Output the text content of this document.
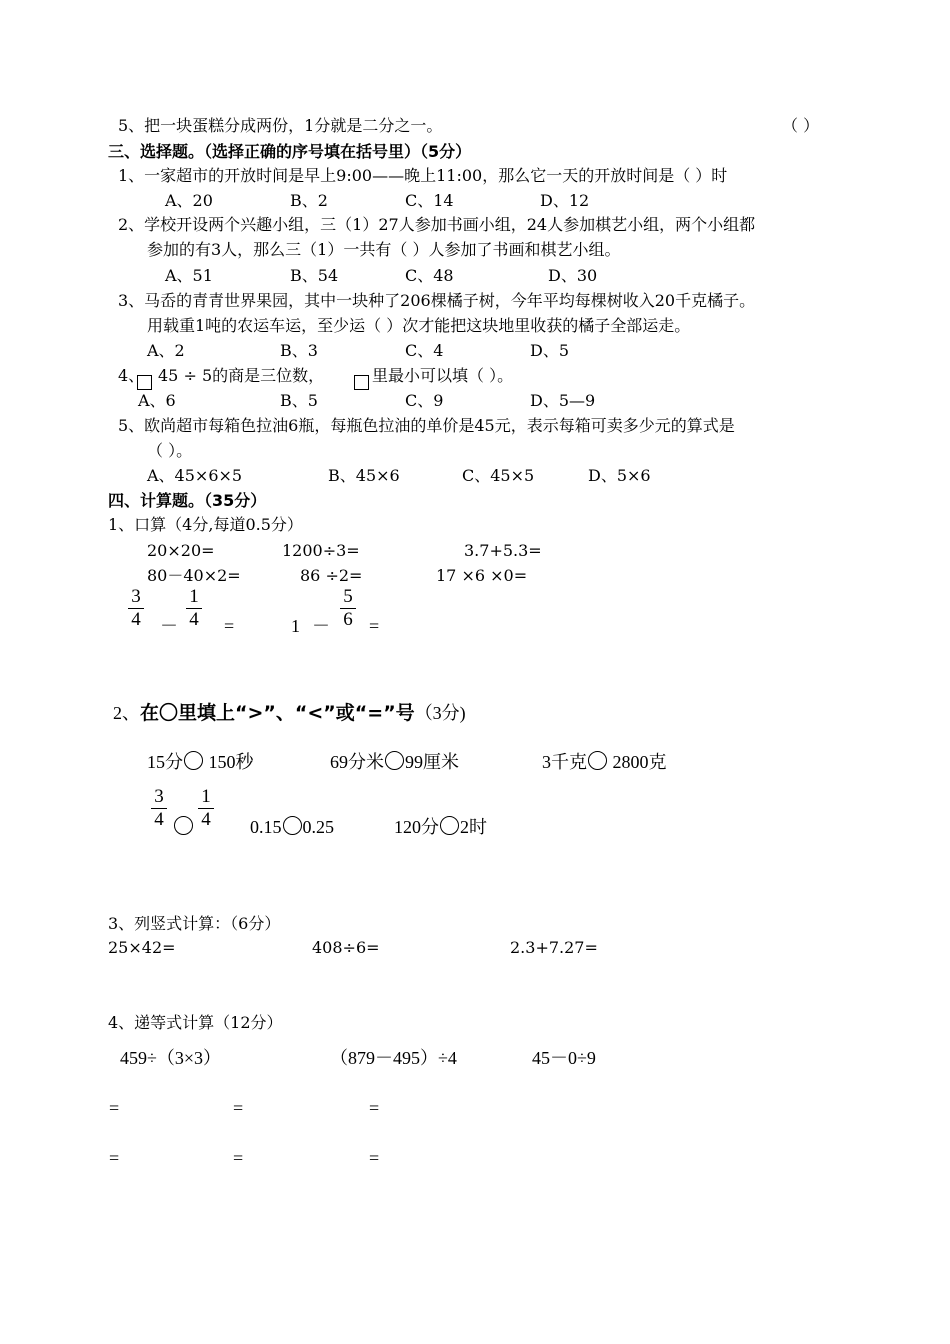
5、把一块蛋糕分成两份，1分就是二分之一。	（ ）
三、选择题。（选择正确的序号填在括号里）（5分）
1、一家超市的开放时间是早上9:00——晚上11:00，那么它一天的开放时间是（ ）时
A、20	B、2	C、14	D、12
2、学校开设两个兴趣小组，三（1）27人参加书画小组，24人参加棋艺小组，两个小组都
参加的有3人，那么三（1）一共有（ ）人参加了书画和棋艺小组。
A、51	B、54	C、48	D、30
3、马岙的青青世界果园，其中一块种了206棵橘子树，今年平均每棵树收入20千克橘子。
用载重1吨的农运车运，至少运（ ）次才能把这块地里收获的橘子全部运走。
A、2	B、3	C、4	D、5
4、 45 ÷ 5的商是三位数，	里最小可以填（ ）。
A、6	B、5	C、9	D、5—9
5、欧尚超市每箱色拉油6瓶，每瓶色拉油的单价是45元，表示每箱可卖多少元的算式是
（ ）。
A、45×6×5	B、45×6	C、45×5	D、5×6
四、计算题。（35分）
1、口算（4分,每道0.5分）
20×20=	1200÷3=	3.7+5.3=
80－40×2=	86 ÷2=	17 ×6 ×0=
3
4	－
1
4	=	1 －
5
6 =
2、在〇里填上“>”、“<”或“=”号（3分)
15分 150秒	69分米 99厘米	3千克 2800克
3
4
1
4	0.15 0.25	120分 2时
3、列竖式计算：（6分）
25×42=	408÷6=	2.3+7.27=
4、递等式计算（12分）
459÷（3×3）	（879－495）÷4	45－0÷9
=	=	=
=	=	=
